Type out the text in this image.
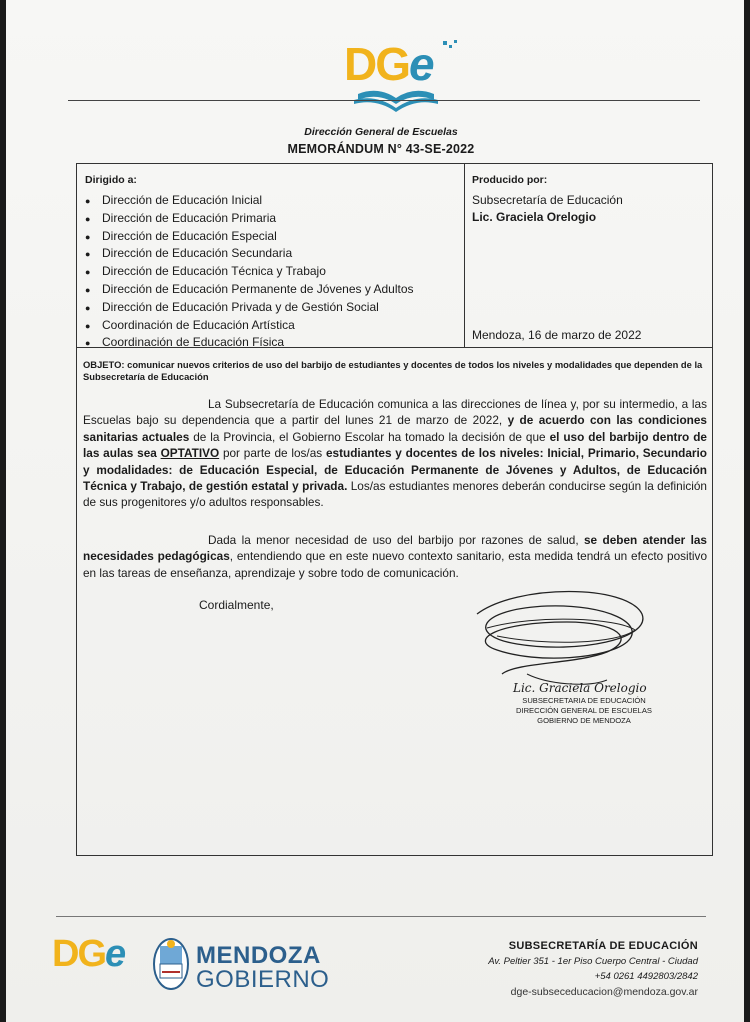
DGe
Dirección General de Escuelas
MEMORÁNDUM N° 43-SE-2022
Dirigido a:
● Dirección de Educación Inicial
● Dirección de Educación Primaria
● Dirección de Educación Especial
● Dirección de Educación Secundaria
● Dirección de Educación Técnica y Trabajo
● Dirección de Educación Permanente de Jóvenes y Adultos
● Dirección de Educación Privada y de Gestión Social
● Coordinación de Educación Artística
● Coordinación de Educación Física
Producido por:
Subsecretaría de Educación
Lic. Graciela Orelogio
Mendoza, 16 de marzo de 2022
OBJETO: comunicar nuevos criterios de uso del barbijo de estudiantes y docentes de todos los niveles y modalidades que dependen de la Subsecretaría de Educación
La Subsecretaría de Educación comunica a las direcciones de línea y, por su intermedio, a las Escuelas bajo su dependencia que a partir del lunes 21 de marzo de 2022, y de acuerdo con las condiciones sanitarias actuales de la Provincia, el Gobierno Escolar ha tomado la decisión de que el uso del barbijo dentro de las aulas sea OPTATIVO por parte de los/as estudiantes y docentes de los niveles: Inicial, Primario, Secundario y modalidades: de Educación Especial, de Educación Permanente de Jóvenes y Adultos, de Educación Técnica y Trabajo, de gestión estatal y privada. Los/as estudiantes menores deberán conducirse según la definición de sus progenitores y/o adultos responsables.
Dada la menor necesidad de uso del barbijo por razones de salud, se deben atender las necesidades pedagógicas, entendiendo que en este nuevo contexto sanitario, esta medida tendrá un efecto positivo en las tareas de enseñanza, aprendizaje y sobre todo de comunicación.
Cordialmente,
Lic. Graciela Orelogio
SUBSECRETARIA DE EDUCACIÓN
DIRECCIÓN GENERAL DE ESCUELAS
GOBIERNO DE MENDOZA
DGe	MENDOZA
GOBIERNO
SUBSECRETARÍA DE EDUCACIÓN
Av. Peltier 351 - 1er Piso Cuerpo Central - Ciudad
+54 0261 4492803/2842
dge-subseceducacion@mendoza.gov.ar
